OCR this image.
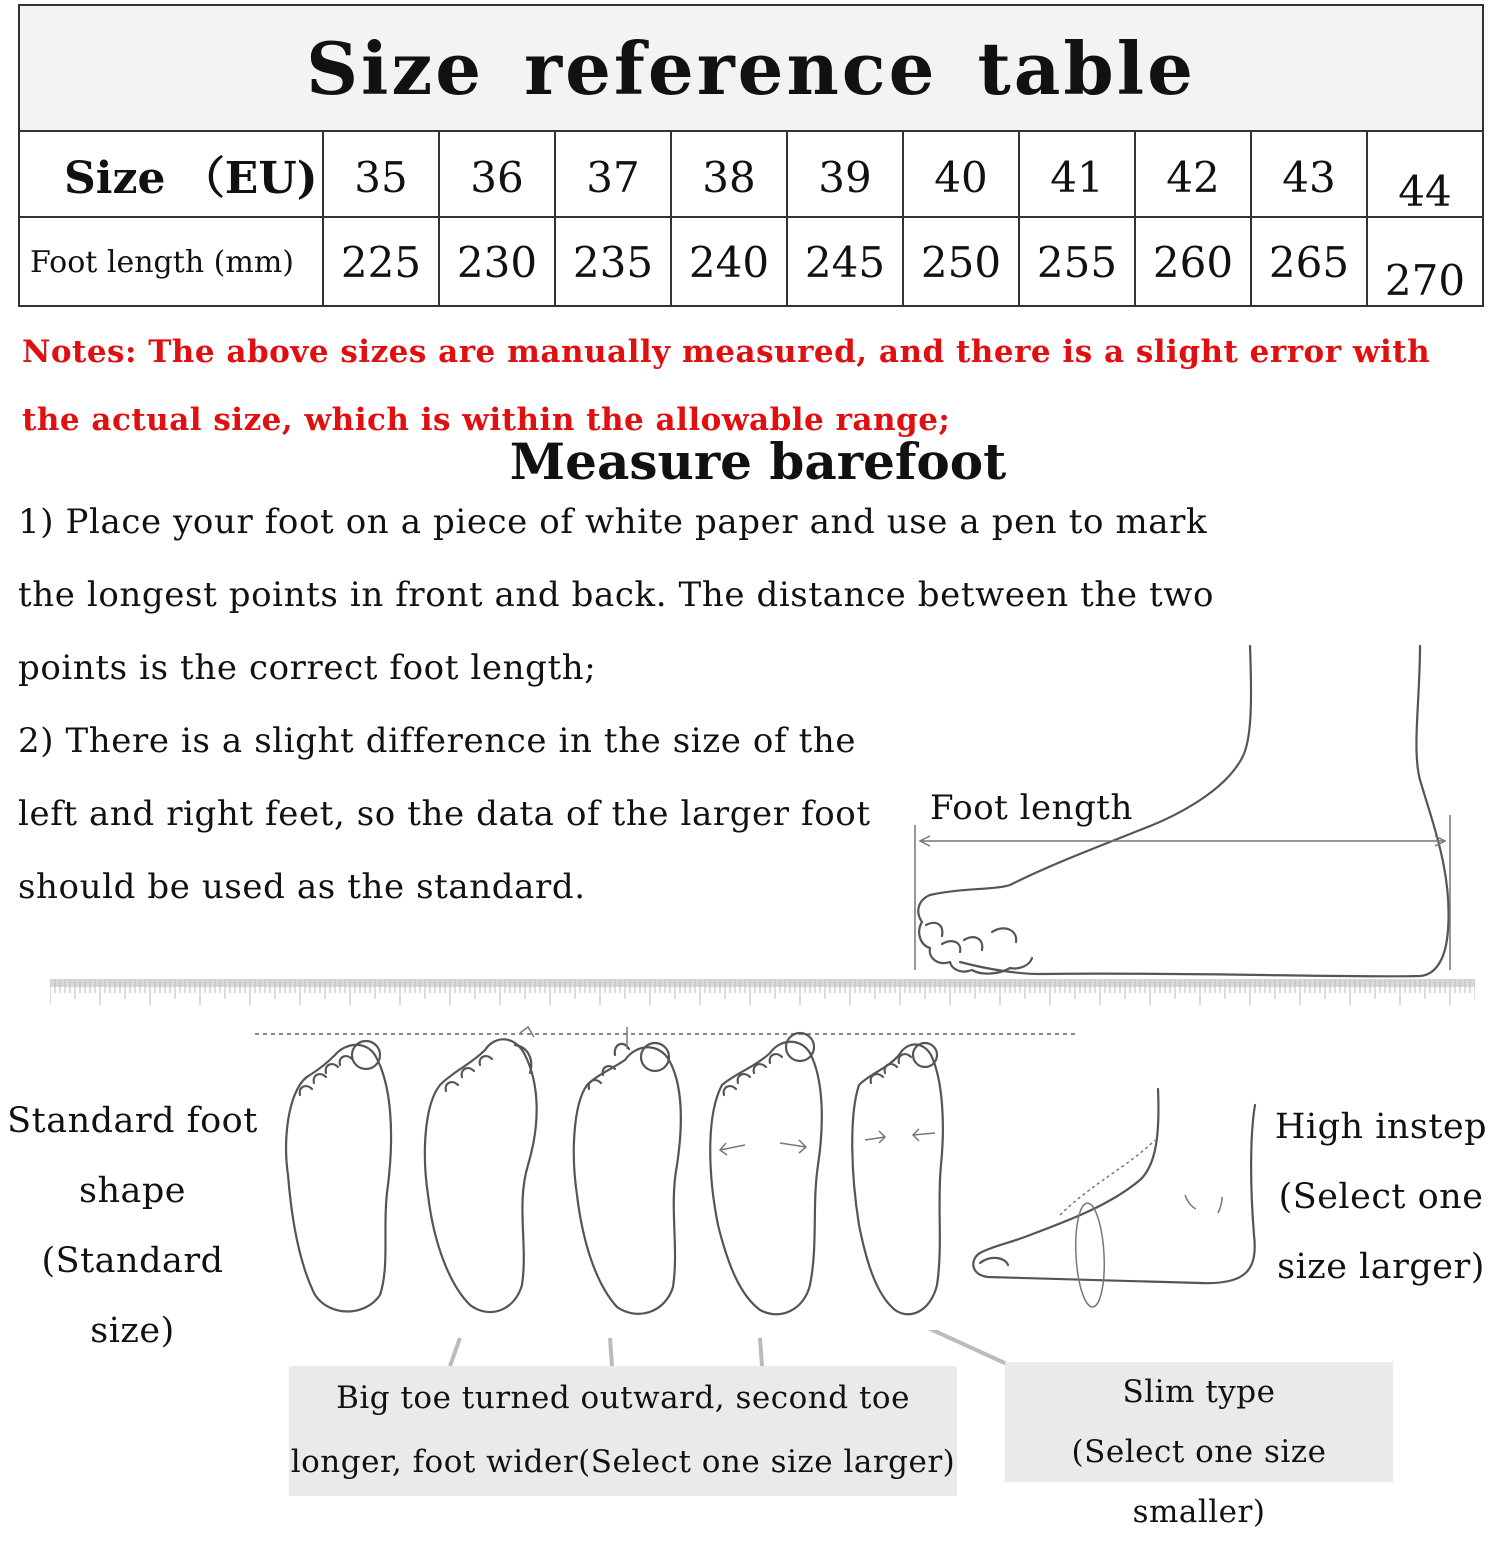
Size reference table
Size （EU) 35	36	37	38	39	40	41	42	43	44
Foot length (mm)	225 230 235 240 245 250 255 260 265 270
Notes: The above sizes are manually measured, and there is a slight error with the actual size, which is within the allowable range;
Measure barefoot
1) Place your foot on a piece of white paper and use a pen to mark
the longest points in front and back. The distance between the two
points is the correct foot length;
2) There is a slight difference in the size of the
left and right feet, so the data of the larger foot
should be used as the standard.
Foot length
Standard foot
shape
(Standard size)
High instep
(Select one
size larger)
Big toe turned outward, second toe
longer, foot wider(Select one size larger)
Slim type
(Select one size smaller)
